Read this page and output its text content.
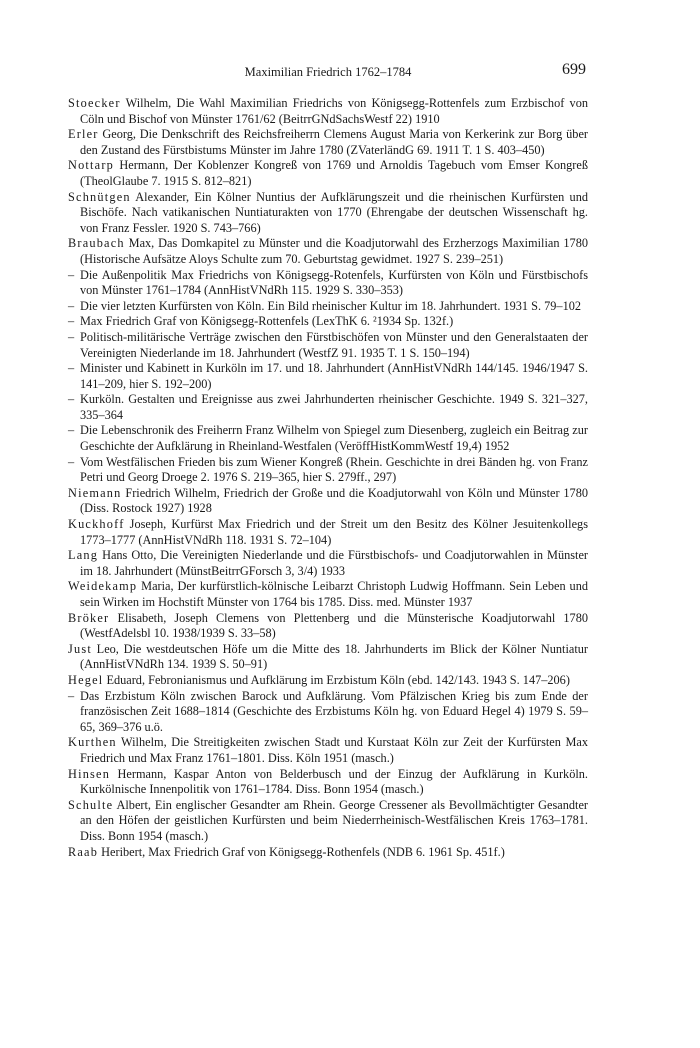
Maximilian Friedrich 1762–1784	699
Stoecker Wilhelm, Die Wahl Maximilian Friedrichs von Königsegg-Rottenfels zum Erzbischof von Cöln und Bischof von Münster 1761/62 (BeitrrGNdSachsWestf 22) 1910
Erler Georg, Die Denkschrift des Reichsfreiherrn Clemens August Maria von Kerkerink zur Borg über den Zustand des Fürstbistums Münster im Jahre 1780 (ZVaterländG 69. 1911 T. 1 S. 403–450)
Nottarp Hermann, Der Koblenzer Kongreß von 1769 und Arnoldis Tagebuch vom Emser Kongreß (TheolGlaube 7. 1915 S. 812–821)
Schnütgen Alexander, Ein Kölner Nuntius der Aufklärungszeit und die rheinischen Kurfürsten und Bischöfe. Nach vatikanischen Nuntiaturakten von 1770 (Ehrengabe der deutschen Wissenschaft hg. von Franz Fessler. 1920 S. 743–766)
Braubach Max, Das Domkapitel zu Münster und die Koadjutorwahl des Erzherzogs Maximilian 1780 (Historische Aufsätze Aloys Schulte zum 70. Geburtstag gewidmet. 1927 S. 239–251)
– Die Außenpolitik Max Friedrichs von Königsegg-Rotenfels, Kurfürsten von Köln und Fürstbischofs von Münster 1761–1784 (AnnHistVNdRh 115. 1929 S. 330–353)
– Die vier letzten Kurfürsten von Köln. Ein Bild rheinischer Kultur im 18. Jahrhundert. 1931 S. 79–102
– Max Friedrich Graf von Königsegg-Rottenfels (LexThK 6. ²1934 Sp. 132f.)
– Politisch-militärische Verträge zwischen den Fürstbischöfen von Münster und den Generalstaaten der Vereinigten Niederlande im 18. Jahrhundert (WestfZ 91. 1935 T. 1 S. 150–194)
– Minister und Kabinett in Kurköln im 17. und 18. Jahrhundert (AnnHistVNdRh 144/145. 1946/1947 S. 141–209, hier S. 192–200)
– Kurköln. Gestalten und Ereignisse aus zwei Jahrhunderten rheinischer Geschichte. 1949 S. 321–327, 335–364
– Die Lebenschronik des Freiherrn Franz Wilhelm von Spiegel zum Diesenberg, zugleich ein Beitrag zur Geschichte der Aufklärung in Rheinland-Westfalen (VeröffHistKommWestf 19,4) 1952
– Vom Westfälischen Frieden bis zum Wiener Kongreß (Rhein. Geschichte in drei Bänden hg. von Franz Petri und Georg Droege 2. 1976 S. 219–365, hier S. 279ff., 297)
Niemann Friedrich Wilhelm, Friedrich der Große und die Koadjutorwahl von Köln und Münster 1780 (Diss. Rostock 1927) 1928
Kuckhoff Joseph, Kurfürst Max Friedrich und der Streit um den Besitz des Kölner Jesuitenkollegs 1773–1777 (AnnHistVNdRh 118. 1931 S. 72–104)
Lang Hans Otto, Die Vereinigten Niederlande und die Fürstbischofs- und Coadjutorwahlen in Münster im 18. Jahrhundert (MünstBeitrrGForsch 3, 3/4) 1933
Weidekamp Maria, Der kurfürstlich-kölnische Leibarzt Christoph Ludwig Hoffmann. Sein Leben und sein Wirken im Hochstift Münster von 1764 bis 1785. Diss. med. Münster 1937
Bröker Elisabeth, Joseph Clemens von Plettenberg und die Münsterische Koadjutorwahl 1780 (WestfAdelsbl 10. 1938/1939 S. 33–58)
Just Leo, Die westdeutschen Höfe um die Mitte des 18. Jahrhunderts im Blick der Kölner Nuntiatur (AnnHistVNdRh 134. 1939 S. 50–91)
Hegel Eduard, Febronianismus und Aufklärung im Erzbistum Köln (ebd. 142/143. 1943 S. 147–206)
– Das Erzbistum Köln zwischen Barock und Aufklärung. Vom Pfälzischen Krieg bis zum Ende der französischen Zeit 1688–1814 (Geschichte des Erzbistums Köln hg. von Eduard Hegel 4) 1979 S. 59–65, 369–376 u.ö.
Kurthen Wilhelm, Die Streitigkeiten zwischen Stadt und Kurstaat Köln zur Zeit der Kurfürsten Max Friedrich und Max Franz 1761–1801. Diss. Köln 1951 (masch.)
Hinsen Hermann, Kaspar Anton von Belderbusch und der Einzug der Aufklärung in Kurköln. Kurkölnische Innenpolitik von 1761–1784. Diss. Bonn 1954 (masch.)
Schulte Albert, Ein englischer Gesandter am Rhein. George Cressener als Bevollmächtigter Gesandter an den Höfen der geistlichen Kurfürsten und beim Niederrheinisch-Westfälischen Kreis 1763–1781. Diss. Bonn 1954 (masch.)
Raab Heribert, Max Friedrich Graf von Königsegg-Rothenfels (NDB 6. 1961 Sp. 451f.)
